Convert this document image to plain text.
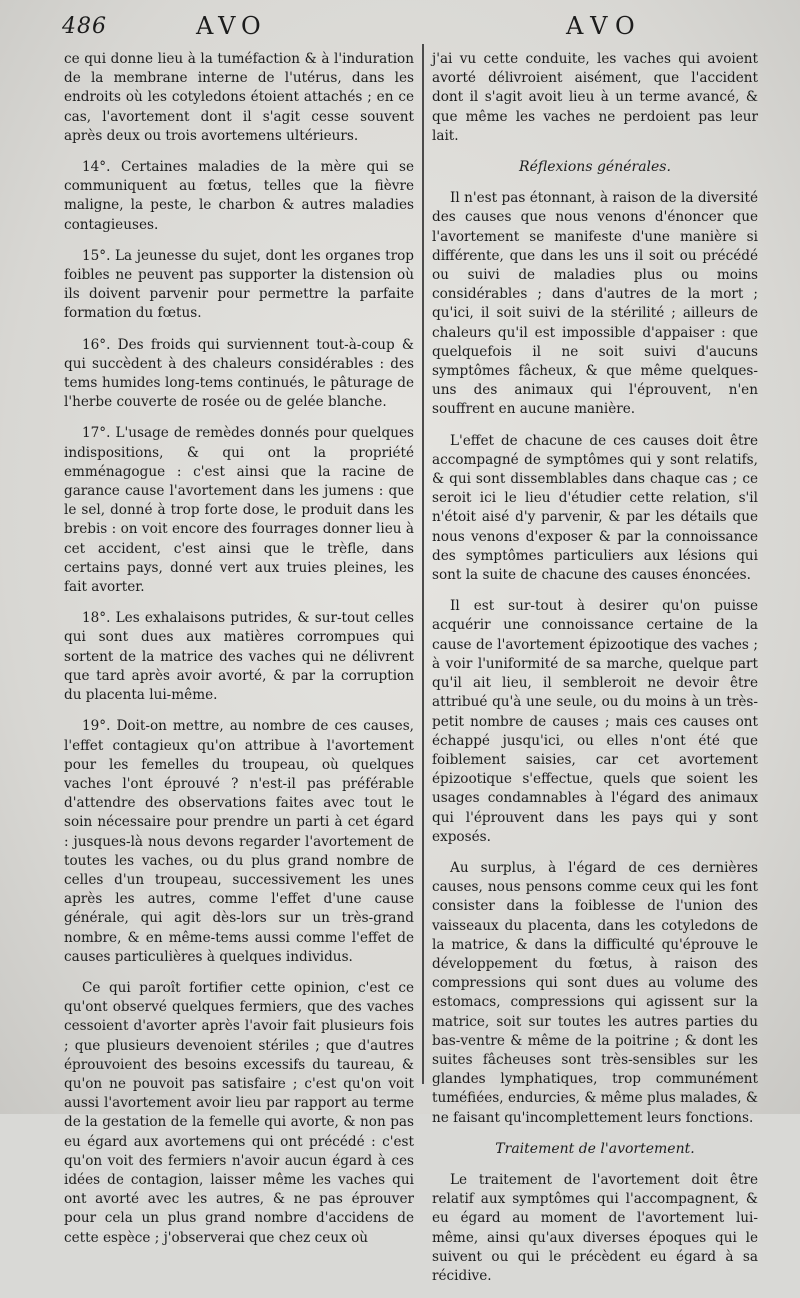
486	AVO	AVO

ce qui donne lieu à la tuméfaction & à l'induration de la membrane interne de l'utérus, dans les endroits où les cotyledons étoient attachés ; en ce cas, l'avortement dont il s'agit cesse souvent après deux ou trois avortemens ultérieurs.

14°. Certaines maladies de la mère qui se communiquent au fœtus, telles que la fièvre maligne, la peste, le charbon & autres maladies contagieuses.

15°. La jeunesse du sujet, dont les organes trop foibles ne peuvent pas supporter la distension où ils doivent parvenir pour permettre la parfaite formation du fœtus.

16°. Des froids qui surviennent tout-à-coup & qui succèdent à des chaleurs considérables : des tems humides long-tems continués, le pâturage de l'herbe couverte de rosée ou de gelée blanche.

17°. L'usage de remèdes donnés pour quelques indispositions, & qui ont la propriété emménagogue : c'est ainsi que la racine de garance cause l'avortement dans les jumens : que le sel, donné à trop forte dose, le produit dans les brebis : on voit encore des fourrages donner lieu à cet accident, c'est ainsi que le trèfle, dans certains pays, donné vert aux truies pleines, les fait avorter.

18°. Les exhalaisons putrides, & sur-tout celles qui sont dues aux matières corrompues qui sortent de la matrice des vaches qui ne délivrent que tard après avoir avorté, & par la corruption du placenta lui-même.

19°. Doit-on mettre, au nombre de ces causes, l'effet contagieux qu'on attribue à l'avortement pour les femelles du troupeau, où quelques vaches l'ont éprouvé ? n'est-il pas préférable d'attendre des observations faites avec tout le soin nécessaire pour prendre un parti à cet égard : jusques-là nous devons regarder l'avortement de toutes les vaches, ou du plus grand nombre de celles d'un troupeau, successivement les unes après les autres, comme l'effet d'une cause générale, qui agit dès-lors sur un très-grand nombre, & en même-tems aussi comme l'effet de causes particulières à quelques individus.

Ce qui paroît fortifier cette opinion, c'est ce qu'ont observé quelques fermiers, que des vaches cessoient d'avorter après l'avoir fait plusieurs fois ; que plusieurs devenoient stériles ; que d'autres éprouvoient des besoins excessifs du taureau, & qu'on ne pouvoit pas satisfaire ; c'est qu'on voit aussi l'avortement avoir lieu par rapport au terme de la gestation de la femelle qui avorte, & non pas eu égard aux avortemens qui ont précédé : c'est qu'on voit des fermiers n'avoir aucun égard à ces idées de contagion, laisser même les vaches qui ont avorté avec les autres, & ne pas éprouver pour cela un plus grand nombre d'accidens de cette espèce ; j'observerai que chez ceux où

j'ai vu cette conduite, les vaches qui avoient avorté délivroient aisément, que l'accident dont il s'agit avoit lieu à un terme avancé, & que même les vaches ne perdoient pas leur lait.

Réflexions générales.

Il n'est pas étonnant, à raison de la diversité des causes que nous venons d'énoncer que l'avortement se manifeste d'une manière si différente, que dans les uns il soit ou précédé ou suivi de maladies plus ou moins considérables ; dans d'autres de la mort ; qu'ici, il soit suivi de la stérilité ; ailleurs de chaleurs qu'il est impossible d'appaiser : que quelquefois il ne soit suivi d'aucuns symptômes fâcheux, & que même quelques-uns des animaux qui l'éprouvent, n'en souffrent en aucune manière.

L'effet de chacune de ces causes doit être accompagné de symptômes qui y sont relatifs, & qui sont dissemblables dans chaque cas ; ce seroit ici le lieu d'étudier cette relation, s'il n'étoit aisé d'y parvenir, & par les détails que nous venons d'exposer & par la connoissance des symptômes particuliers aux lésions qui sont la suite de chacune des causes énoncées.

Il est sur-tout à desirer qu'on puisse acquérir une connoissance certaine de la cause de l'avortement épizootique des vaches ; à voir l'uniformité de sa marche, quelque part qu'il ait lieu, il sembleroit ne devoir être attribué qu'à une seule, ou du moins à un très-petit nombre de causes ; mais ces causes ont échappé jusqu'ici, ou elles n'ont été que foiblement saisies, car cet avortement épizootique s'effectue, quels que soient les usages condamnables à l'égard des animaux qui l'éprouvent dans les pays qui y sont exposés.

Au surplus, à l'égard de ces dernières causes, nous pensons comme ceux qui les font consister dans la foiblesse de l'union des vaisseaux du placenta, dans les cotyledons de la matrice, & dans la difficulté qu'éprouve le développement du fœtus, à raison des compressions qui sont dues au volume des estomacs, compressions qui agissent sur la matrice, soit sur toutes les autres parties du bas-ventre & même de la poitrine ; & dont les suites fâcheuses sont très-sensibles sur les glandes lymphatiques, trop communément tuméfiées, endurcies, & même plus malades, & ne faisant qu'incomplettement leurs fonctions.

Traitement de l'avortement.

Le traitement de l'avortement doit être relatif aux symptômes qui l'accompagnent, & eu égard au moment de l'avortement lui-même, ainsi qu'aux diverses époques qui le suivent ou qui le précèdent eu égard à sa récidive.
